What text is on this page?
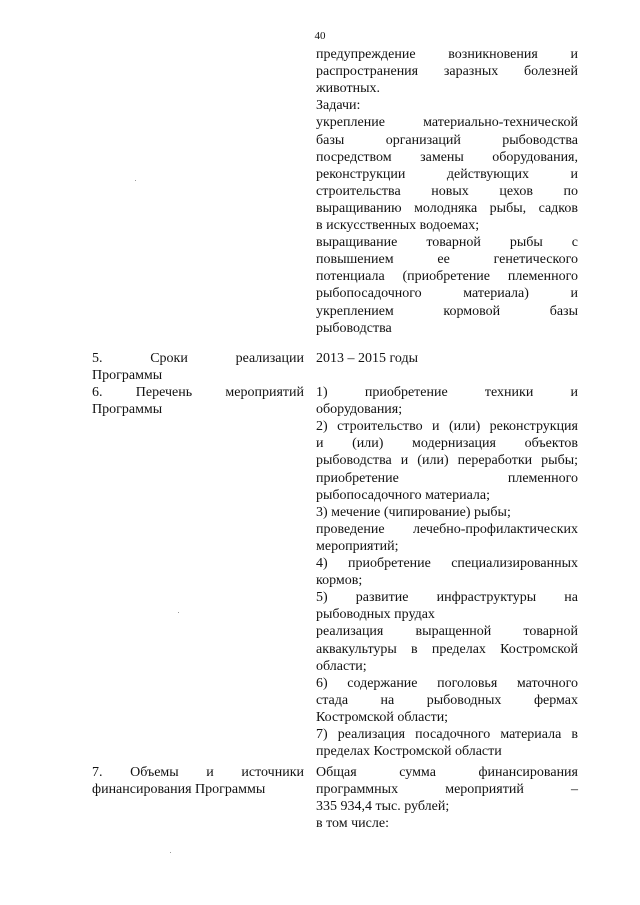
40
предупреждение возникновения и
распространения заразных болезней
животных.
Задачи:
укрепление материально-технической
базы организаций рыбоводства
посредством замены оборудования,
реконструкции действующих и
строительства новых цехов по
выращиванию молодняка рыбы, садков
в искусственных водоемах;
выращивание товарной рыбы с
повышением ее генетического
потенциала (приобретение племенного
рыбопосадочного материала) и
укреплением кормовой базы
рыбоводства
5. Сроки реализации
Программы
2013 – 2015 годы
6. Перечень мероприятий
Программы
1) приобретение техники и
оборудования;
2) строительство и (или) реконструкция
и (или) модернизация объектов
рыбоводства и (или) переработки рыбы;
приобретение племенного
рыбопосадочного материала;
3) мечение (чипирование) рыбы;
проведение лечебно-профилактических
мероприятий;
4) приобретение специализированных
кормов;
5) развитие инфраструктуры на
рыбоводных прудах
реализация выращенной товарной
аквакультуры в пределах Костромской
области;
6) содержание поголовья маточного
стада на рыбоводных фермах
Костромской области;
7) реализация посадочного материала в
пределах Костромской области
7. Объемы и источники
финансирования Программы
Общая сумма финансирования
программных мероприятий –
335 934,4 тыс. рублей;
в том числе:
